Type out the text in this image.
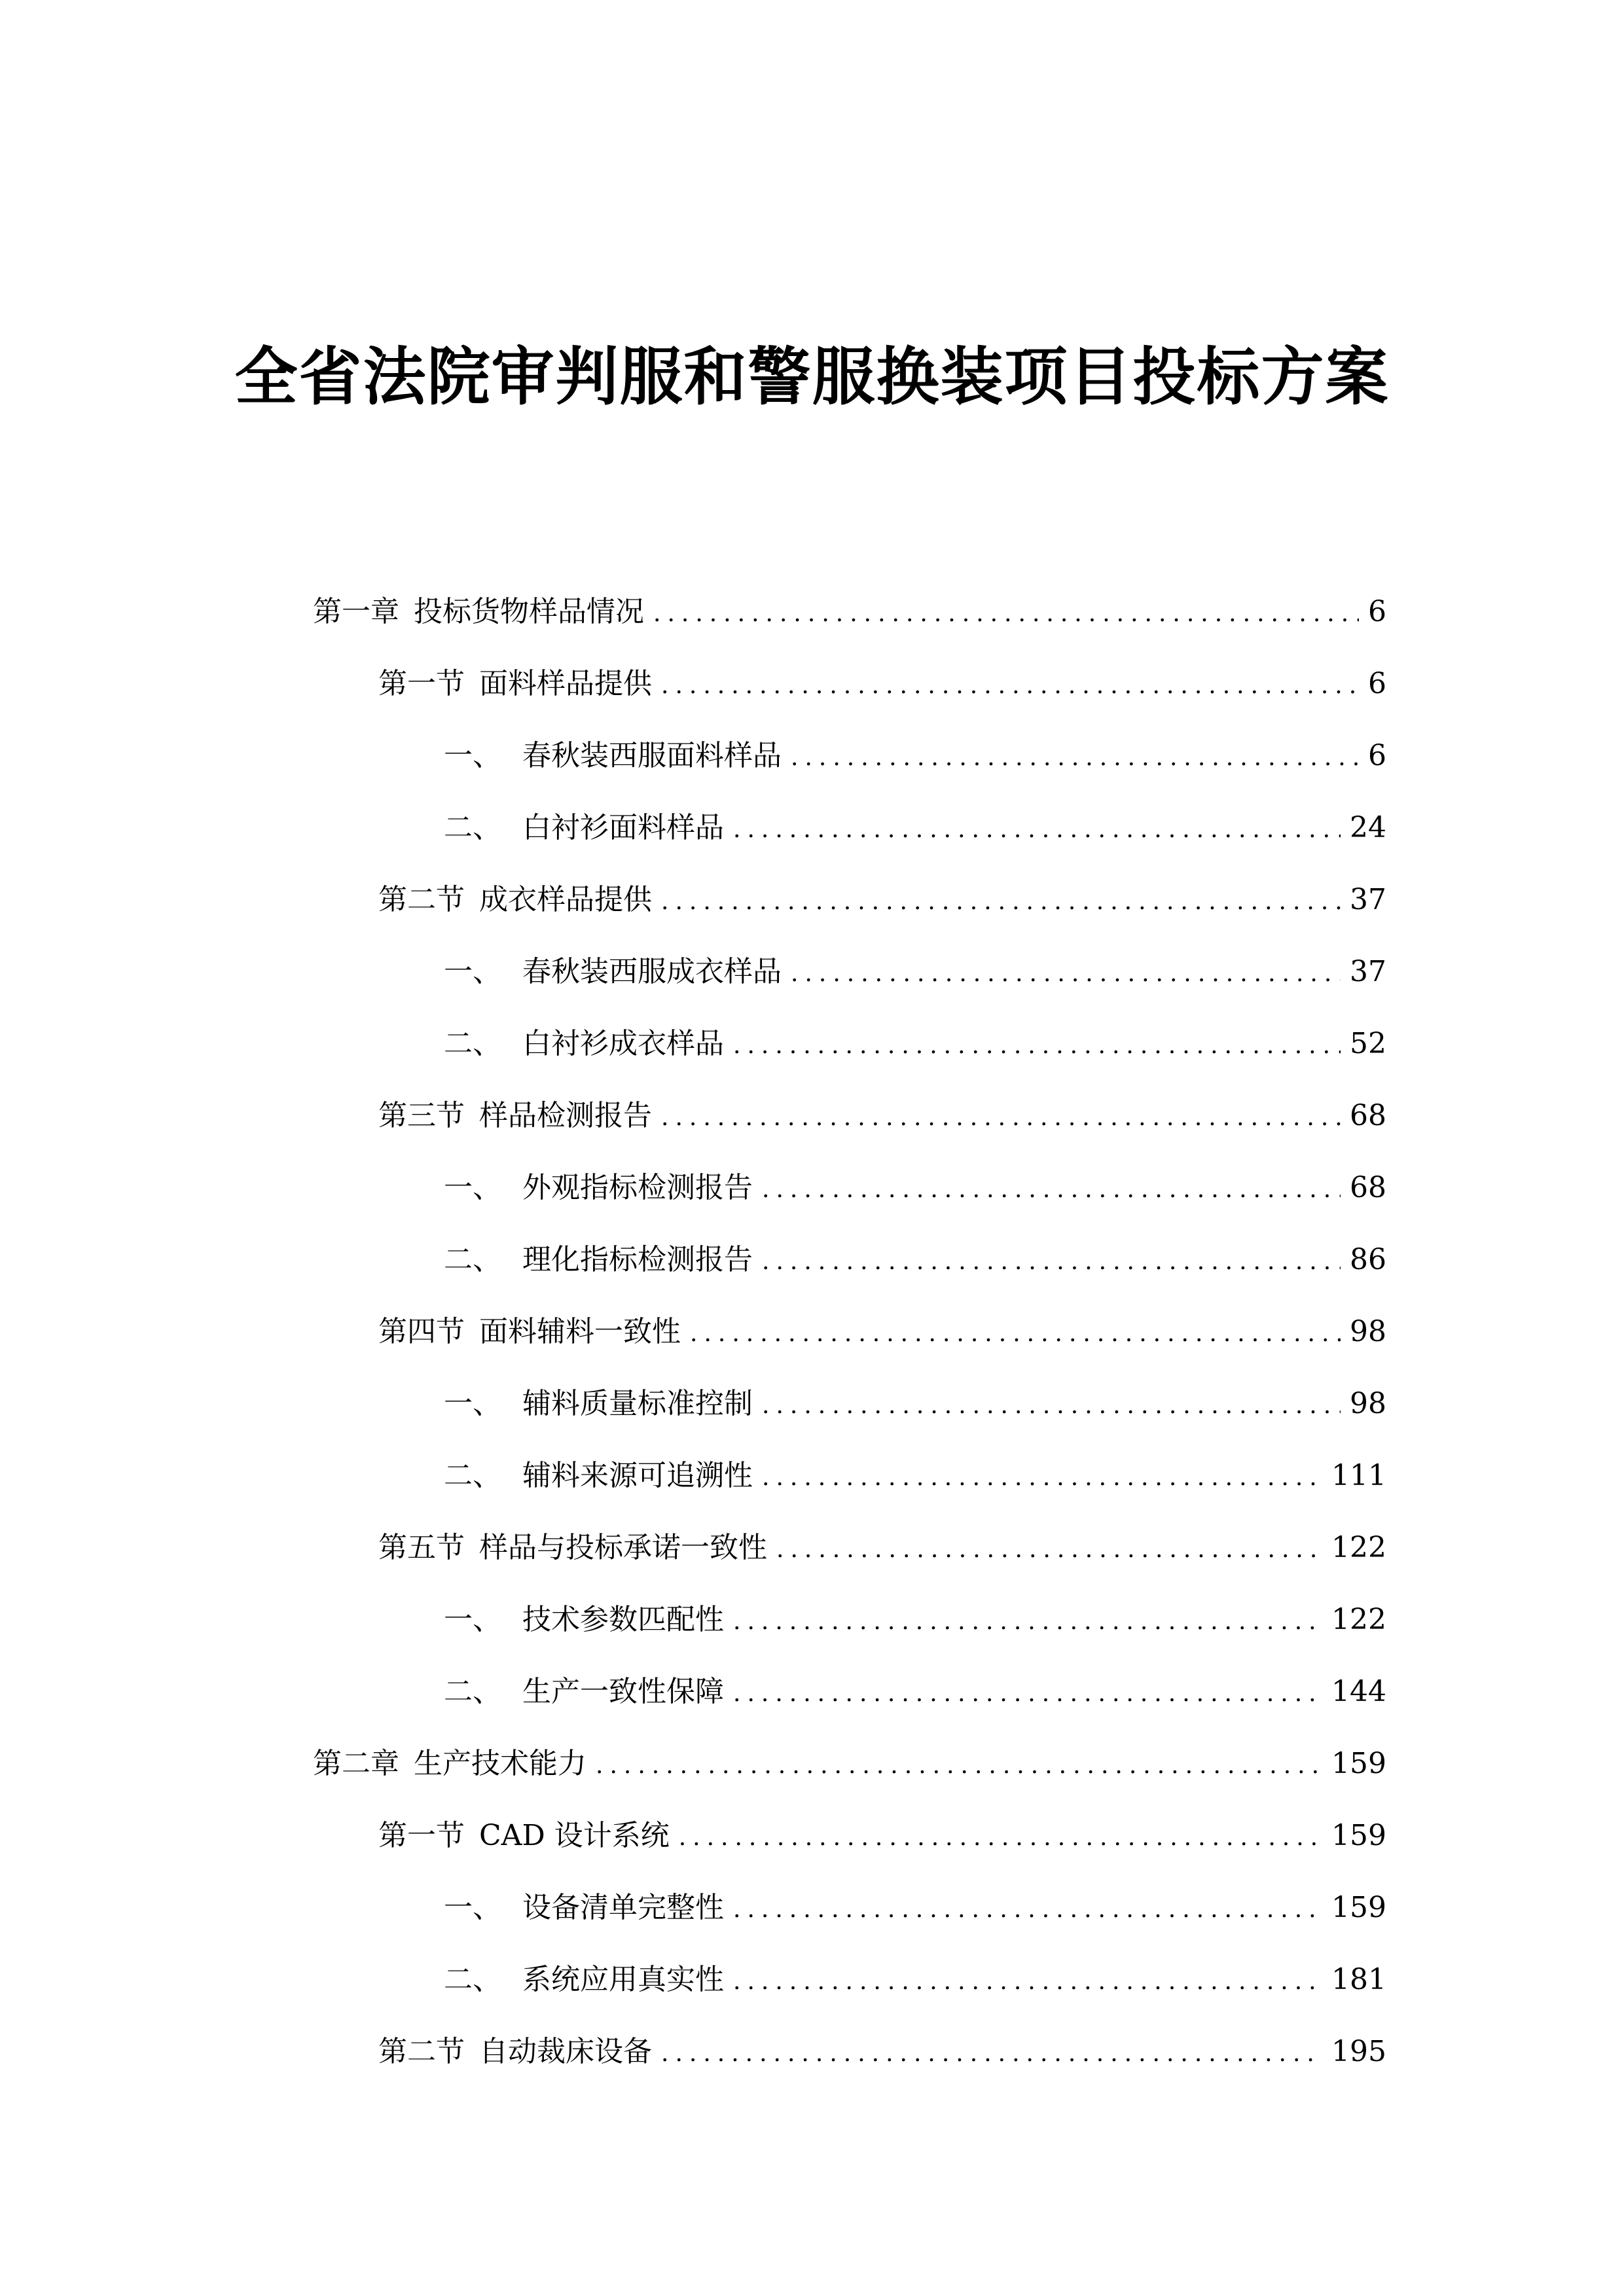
全省法院审判服和警服换装项目投标方案
第一章 投标货物样品情况 .....	6
第一节 面料样品提供 .....	6
一、 春秋装西服面料样品 .....	6
二、 白衬衫面料样品 .....	24
第二节 成衣样品提供 .....	37
一、 春秋装西服成衣样品 .....	37
二、 白衬衫成衣样品 .....	52
第三节 样品检测报告 .....	68
一、 外观指标检测报告 .....	68
二、 理化指标检测报告 .....	86
第四节 面料辅料一致性 .....	98
一、 辅料质量标准控制 .....	98
二、 辅料来源可追溯性 .....	111
第五节 样品与投标承诺一致性 .....	122
一、 技术参数匹配性 .....	122
二、 生产一致性保障 .....	144
第二章 生产技术能力 .....	159
第一节 CAD 设计系统 .....	159
一、 设备清单完整性 .....	159
二、 系统应用真实性 .....	181
第二节 自动裁床设备 .....	195
